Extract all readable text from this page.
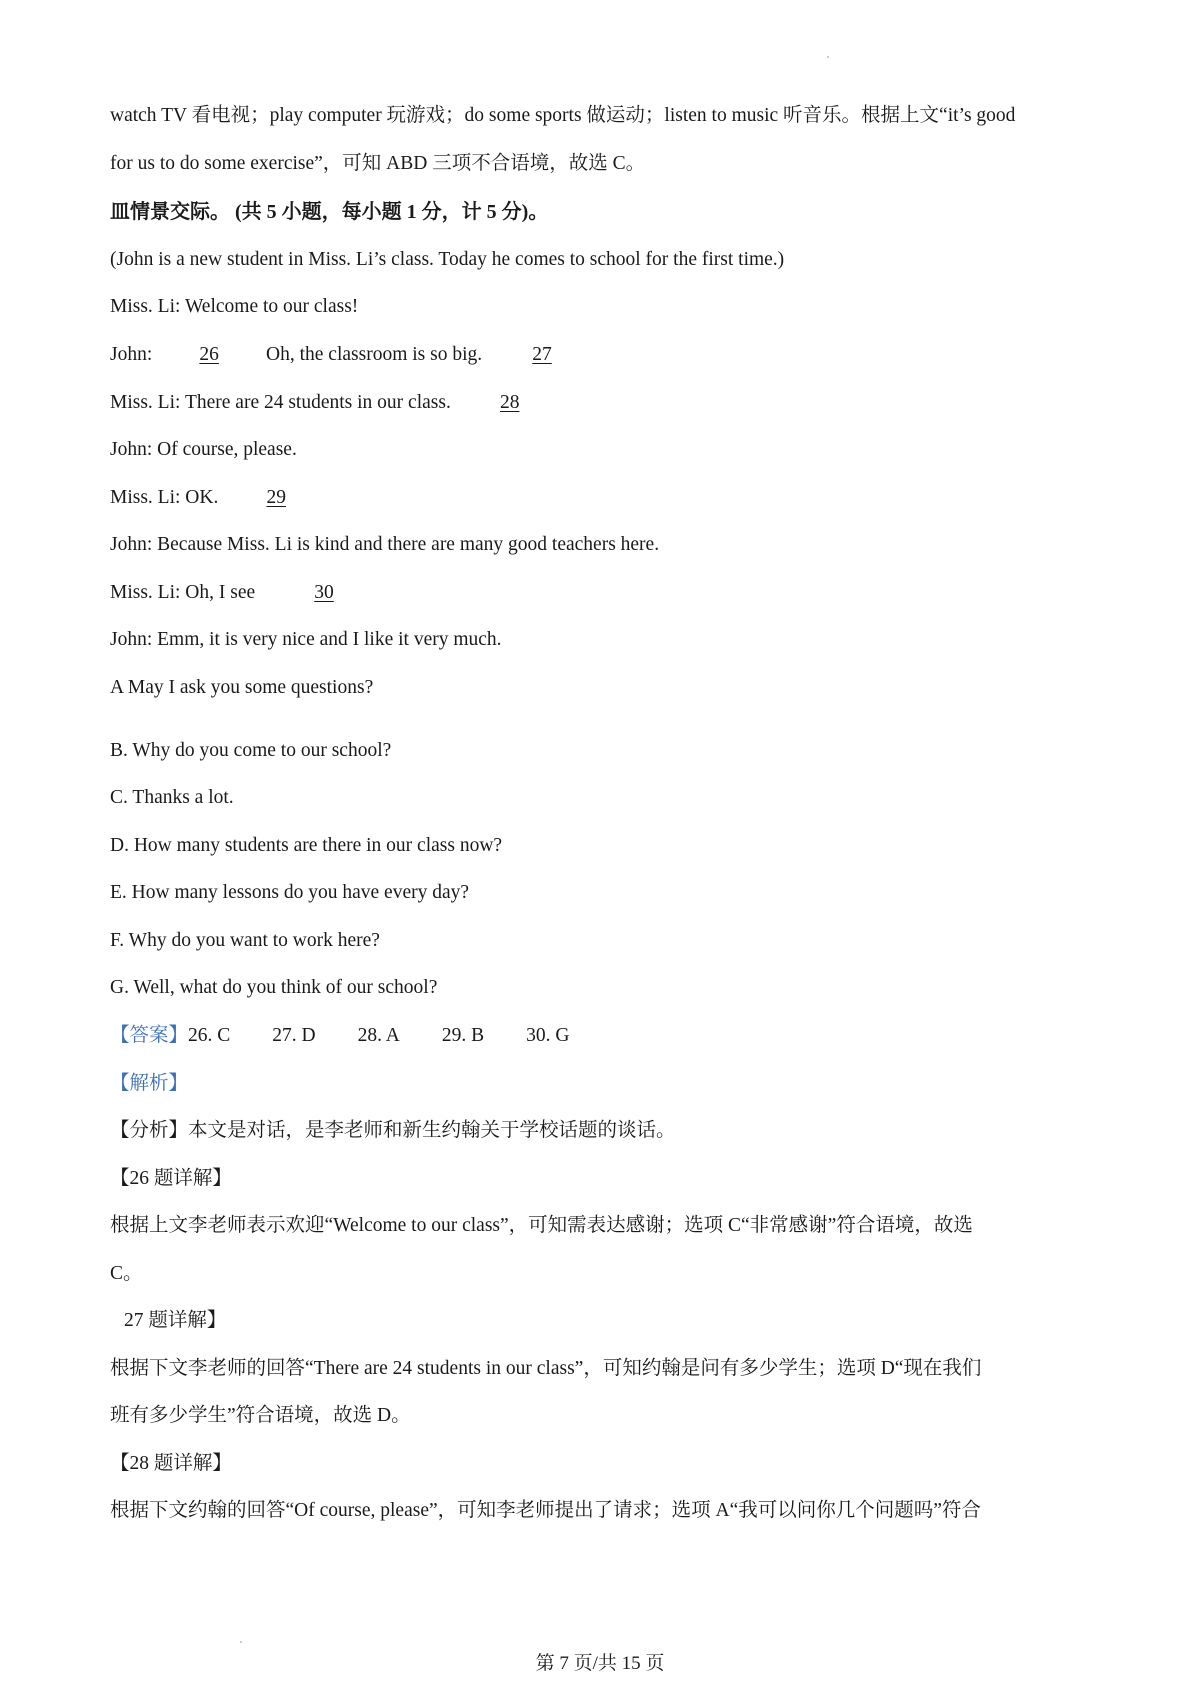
watch TV 看电视；play computer 玩游戏；do some sports 做运动；listen to music 听音乐。根据上文“it’s good
for us to do some exercise”，可知 ABD 三项不合语境，故选 C。
皿情景交际。 (共 5 小题，每小题 1 分，计 5 分)。
(John is a new student in Miss. Li’s class. Today he comes to school for the first time.)
Miss. Li: Welcome to our class!
John: 26 Oh, the classroom is so big. 27
Miss. Li: There are 24 students in our class. 28
John: Of course, please.
Miss. Li: OK. 29
John: Because Miss. Li is kind and there are many good teachers here.
Miss. Li: Oh, I see	30
John: Emm, it is very nice and I like it very much.
A May I ask you some questions?
B. Why do you come to our school?
C. Thanks a lot.
D. How many students are there in our class now?
E. How many lessons do you have every day?
F. Why do you want to work here?
G. Well, what do you think of our school?
【答案】26. C 27. D 28. A 29. B 30. G
【解析】
【分析】本文是对话，是李老师和新生约翰关于学校话题的谈话。
【26 题详解】
根据上文李老师表示欢迎“Welcome to our class”，可知需表达感谢；选项 C“非常感谢”符合语境，故选
C。
27 题详解】
根据下文李老师的回答“There are 24 students in our class”，可知约翰是问有多少学生；选项 D“现在我们
班有多少学生”符合语境，故选 D。
【28 题详解】
根据下文约翰的回答“Of course, please”，可知李老师提出了请求；选项 A“我可以问你几个问题吗”符合
第 7 页/共 15 页
